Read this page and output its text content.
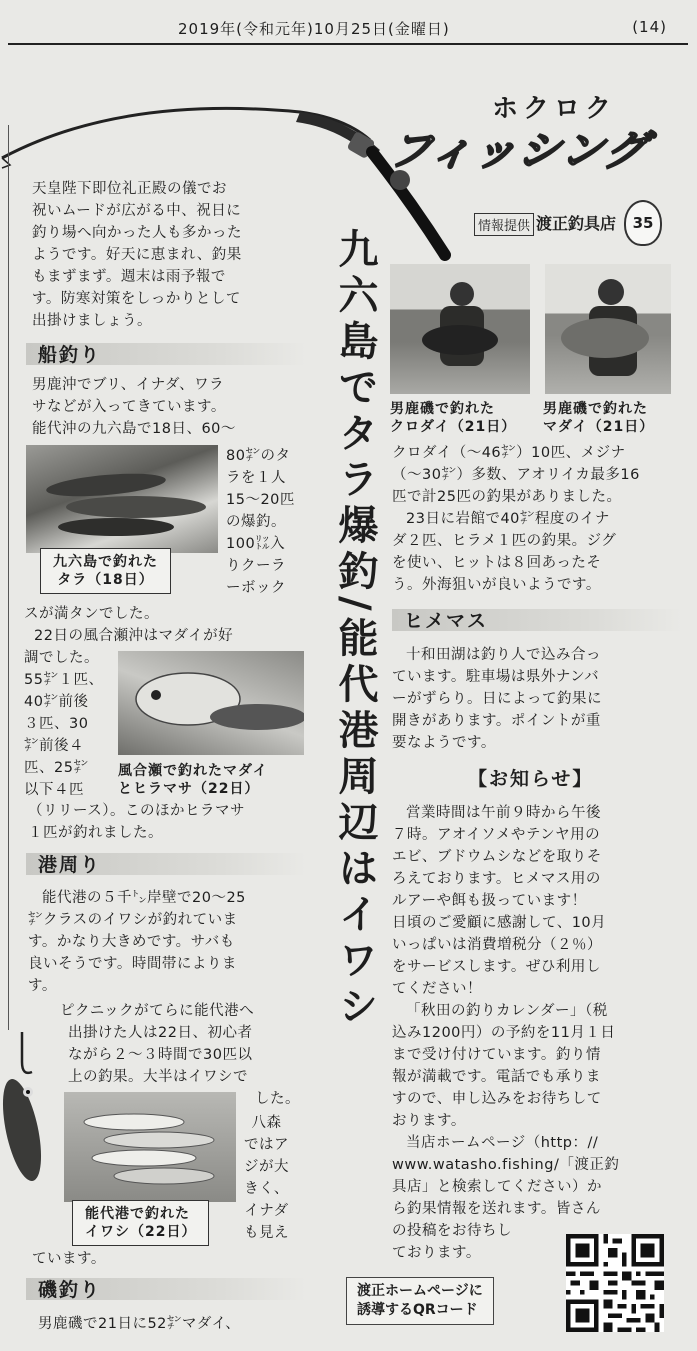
2019年(令和元年)10月25日(金曜日)	(14)
ホクロク
フィッシング
情報提供 渡正釣具店	35
九六島でタラ爆釣/能代港周辺はイワシ

天皇陛下即位礼正殿の儀でお

祝いムードが広がる中、祝日に

釣り場へ向かった人も多かった

ようです。好天に恵まれ、釣果

もまずまず。週末は雨予報で

す。防寒対策をしっかりとして

出掛けましょう。

船釣り

男鹿沖でブリ、イナダ、ワラ

サなどが入ってきています。

能代沖の九六島で18日、60〜

九六島で釣れた
タラ（18日）

80㌢のタ

ラを１人

15〜20匹

の爆釣。

100㍑入

りクーラ

ーボック

スが満タンでした。

22日の風合瀬沖はマダイが好

調でした。

55㌢１匹、

40㌢前後

３匹、30

㌢前後４

匹、25㌢

以下４匹

風合瀬で釣れたマダイ
とヒラマサ（22日）

（リリース）。このほかヒラマサ

１匹が釣れました。

港周り

能代港の５千㌧岸壁で20〜25

㌢クラスのイワシが釣れていま

す。かなり大きめです。サバも

良いそうです。時間帯によりま

す。

ピクニックがてらに能代港へ

出掛けた人は22日、初心者

ながら２〜３時間で30匹以

上の釣果。大半はイワシで

した。

能代港で釣れた
イワシ（22日）

八森

ではア

ジが大

きく、

イナダ

も見え

ています。

磯釣り

男鹿磯で21日に52㌢マダイ、

男鹿磯で釣れた
クロダイ（21日）
男鹿磯で釣れた
マダイ（21日）

クロダイ（〜46㌢）10匹、メジナ

（〜30㌢）多数、アオリイカ最多16

匹で計25匹の釣果がありました。

23日に岩館で40㌢程度のイナ

ダ２匹、ヒラメ１匹の釣果。ジグ

を使い、ヒットは８回あったそ

う。外海狙いが良いようです。

ヒメマス

十和田湖は釣り人で込み合っ

ています。駐車場は県外ナンバ

ーがずらり。日によって釣果に

開きがあります。ポイントが重

要なようです。

【お知らせ】

営業時間は午前９時から午後

７時。アオイソメやテンヤ用の

エビ、ブドウムシなどを取りそ

ろえております。ヒメマス用の

ルアーや餌も扱っています！

日頃のご愛顧に感謝して、10月

いっぱいは消費増税分（２％）

をサービスします。ぜひ利用し

てください！

「秋田の釣りカレンダー」（税

込み1200円）の予約を11月１日

まで受け付けています。釣り情

報が満載です。電話でも承りま

すので、申し込みをお待ちして

おります。

当店ホームページ（http：//

www.watasho.fishing/「渡正釣

具店」と検索してください）か

ら釣果情報を送れます。皆さん

の投稿をお待ちし

ております。

渡正ホームページに
誘導するQRコード
